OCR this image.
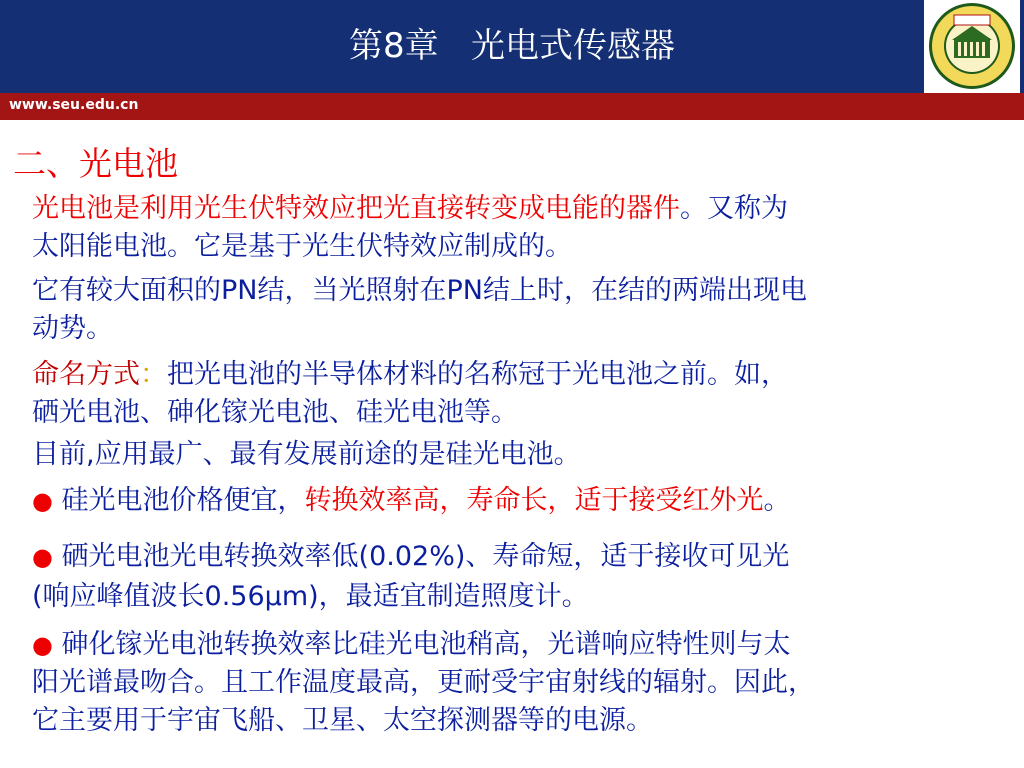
第8章   光电式传感器
www.seu.edu.cn
二、光电池
光电池是利用光生伏特效应把光直接转变成电能的器件。又称为
太阳能电池。它是基于光生伏特效应制成的。
它有较大面积的PN结，当光照射在PN结上时，在结的两端出现电
动势。
命名方式：把光电池的半导体材料的名称冠于光电池之前。如，
硒光电池、砷化镓光电池、硅光电池等。
目前,应用最广、最有发展前途的是硅光电池。
● 硅光电池价格便宜，转换效率高，寿命长，适于接受红外光。
● 硒光电池光电转换效率低(0.02%)、寿命短，适于接收可见光
(响应峰值波长0.56μm)，最适宜制造照度计。
● 砷化镓光电池转换效率比硅光电池稍高，光谱响应特性则与太
阳光谱最吻合。且工作温度最高，更耐受宇宙射线的辐射。因此，
它主要用于宇宙飞船、卫星、太空探测器等的电源。
